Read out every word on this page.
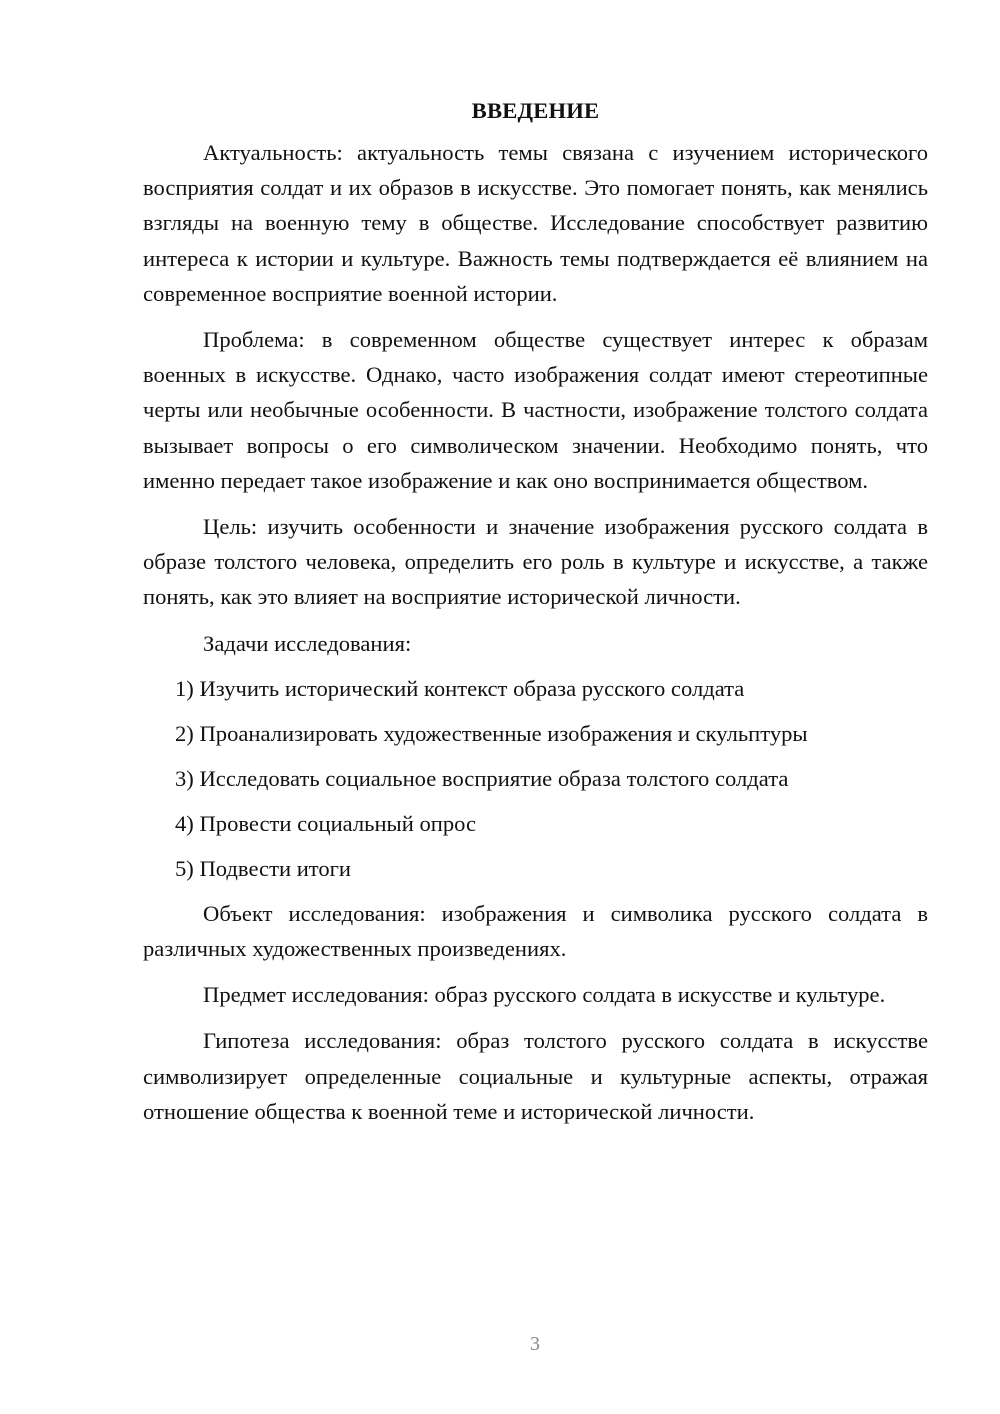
ВВЕДЕНИЕ

Актуальность: актуальность темы связана с изучением исторического восприятия солдат и их образов в искусстве. Это помогает понять, как менялись взгляды на военную тему в обществе. Исследование способствует развитию интереса к истории и культуре. Важность темы подтверждается её влиянием на современное восприятие военной истории.

Проблема: в современном обществе существует интерес к образам военных в искусстве. Однако, часто изображения солдат имеют стереотипные черты или необычные особенности. В частности, изображение толстого солдата вызывает вопросы о его символическом значении. Необходимо понять, что именно передает такое изображение и как оно воспринимается обществом.

Цель: изучить особенности и значение изображения русского солдата в образе толстого человека, определить его роль в культуре и искусстве, а также понять, как это влияет на восприятие исторической личности.

Задачи исследования:

1) Изучить исторический контекст образа русского солдата

2) Проанализировать художественные изображения и скульптуры

3) Исследовать социальное восприятие образа толстого солдата

4) Провести социальный опрос

5) Подвести итоги

Объект исследования: изображения и символика русского солдата в различных художественных произведениях.

Предмет исследования: образ русского солдата в искусстве и культуре.

Гипотеза исследования: образ толстого русского солдата в искусстве символизирует определенные социальные и культурные аспекты, отражая отношение общества к военной теме и исторической личности.

3
